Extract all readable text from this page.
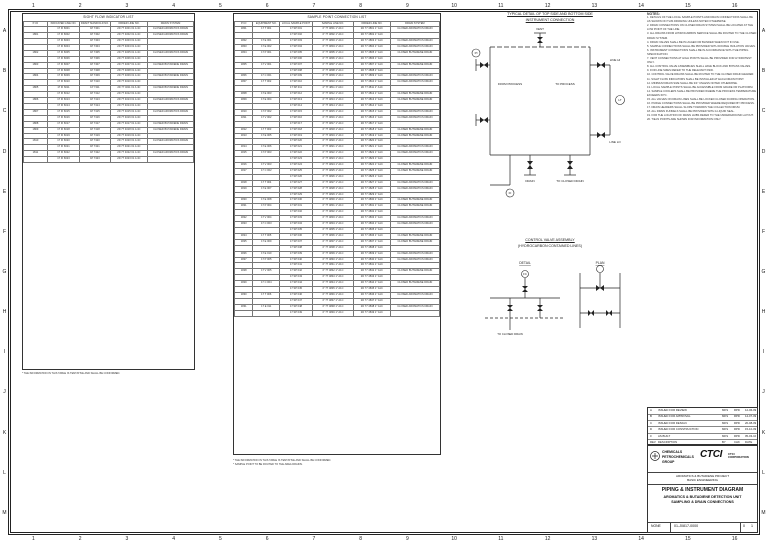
1	2	3	4	5	6	7	8	9	10	11	12	13	14	15	16
1	2	3	4	5	6	7	8	9	10	11	12	13	14	15	16
A
B
C
D
E
F
G
H
I
J
K
L
M
A
B
C
D
E
F
G
H
I
J
K
L
M
SIGHT FLOW INDICATOR LIST
P.I.D	INDICATED LINE NO.	DRAFT MANIFOLD NO.	ORDER LINE NO.	DRAIN SYSTEM
	17 FI 6001	1P 7401	2D 77 4001 01 A 4C	CLOSED AROMATICS DRAIN
1801	17 FI 6002	1P 7402	2D 77 4002 01 A 4C	CLOSED AROMATICS DRAIN
	17 FI 6003	1P 7403	2D 77 4003 01 A 4C	
	17 FI 6004	1P 7404	2D 77 4004 01 A 4C	
1802	17 FI 6005	1P 7405	2D 77 4005 01 A 4C	CLOSED AROMATICS DRAIN
	17 FI 6006	1P 7406	2D 77 4006 01 A 4C	
1803	17 FI 6007	1P 7407	2D 77 4007 01 A 4C	CLOSED BUTADIENE DRAIN
	17 FI 6008	1P 7408	2D 77 4008 01 A 4C	
1804	17 FI 6009	1P 7409	2D 77 4009 01 A 4C	CLOSED BUTADIENE DRAIN
	17 FI 6010	1P 7410	2D 77 4010 01 A 4C	
1805	17 FI 6011	1P 7411	2D 77 4011 01 A 4C	CLOSED BUTADIENE DRAIN
	17 FI 6012	1P 7412	2D 77 4012 01 A 4C	
1806	17 FI 6013	1P 7413	2D 77 4013 01 A 4C	CLOSED AROMATICS DRAIN
	17 FI 6014	1P 7414	2D 77 4014 01 A 4C	
1807	17 FI 6015	1P 7415	2D 77 4015 01 A 4C	CLOSED AROMATICS DRAIN
	17 FI 6016	1P 7416	2D 77 4016 01 A 4C	
1808	17 FI 6017	1P 7417	2D 77 4017 01 A 4C	CLOSED BUTADIENE DRAIN
1809	17 FI 6018	1P 7418	2D 77 4018 01 A 4C	CLOSED BUTADIENE DRAIN
	17 FI 6019	1P 7419	2D 77 4019 01 A 4C	
1810	17 FI 6020	1P 7420	2D 77 4020 01 A 4C	CLOSED AROMATICS DRAIN
	17 FI 6021	1P 7421	2D 77 4021 01 A 4C	
1811	17 FI 6022	1P 7422	2D 77 4022 01 A 4C	CLOSED AROMATICS DRAIN
	17 FI 6023	1P 7423	2D 77 4023 01 A 4C	
* THE INFORMATION IN THIS TABLE IS TENTATIVE AND SHALL BE CONFIRMED.
SAMPLE POINT CONNECTION LIST
P.I.D	EQUIPMENT NO.	LOCAL SAMPLE POINT	SAMPLE LINE NO.	ORDER LINE NO.	DRAIN SYSTEM
1801	17 T 001	17 SP 001	4" 77 4801 1" A1C	2D 77 4801 1" A1C	CLOSED AROMATICS DRAIN
		17 SP 002	4" 77 4802 1" A1C	2D 77 4802 1" A1C	
1802	17 E 001	17 SP 003	4" 77 4803 1" A1C	2D 77 4803 1" A1C	CLOSED AROMATICS DRAIN
1803	17 E 002	17 SP 004	4" 77 4804 1" A1C	2D 77 4804 1" A1C	CLOSED AROMATICS DRAIN
1804	17 P 001	17 SP 005	4" 77 4805 1" A1C	2D 77 4805 1" A1C	CLOSED BUTADIENE DRAIN
		17 SP 006	4" 77 4806 1" A1C	2D 77 4806 1" A1C	
1805	17 V 001	17 SP 007	4" 77 4807 1" A1C	2D 77 4807 1" A1C	CLOSED BUTADIENE DRAIN
		17 SP 008	4" 77 4808 1" A1C	2D 77 4808 1" A1C	
1806	17 C 001	17 SP 009	4" 77 4809 1" A1C	2D 77 4809 1" A1C	CLOSED AROMATICS DRAIN
1807	17 T 002	17 SP 010	4" 77 4810 1" A1C	2D 77 4810 1" A1C	CLOSED AROMATICS DRAIN
		17 SP 011	4" 77 4811 1" A1C	2D 77 4811 1" A1C	
1808	17 E 003	17 SP 012	4" 77 4812 1" A1C	2D 77 4812 1" A1C	CLOSED BUTADIENE DRAIN
1809	17 E 004	17 SP 013	4" 77 4813 1" A1C	2D 77 4813 1" A1C	CLOSED BUTADIENE DRAIN
		17 SP 014	4" 77 4814 1" A1C	2D 77 4814 1" A1C	
1810	17 P 002	17 SP 015	4" 77 4815 1" A1C	2D 77 4815 1" A1C	CLOSED AROMATICS DRAIN
1811	17 V 002	17 SP 016	4" 77 4816 1" A1C	2D 77 4816 1" A1C	CLOSED AROMATICS DRAIN
		17 SP 017	4" 77 4817 1" A1C	2D 77 4817 1" A1C	
1812	17 T 003	17 SP 018	4" 77 4818 1" A1C	2D 77 4818 1" A1C	CLOSED BUTADIENE DRAIN
1813	17 E 005	17 SP 019	4" 77 4819 1" A1C	2D 77 4819 1" A1C	CLOSED BUTADIENE DRAIN
		17 SP 020	4" 77 4820 1" A1C	2D 77 4820 1" A1C	
1814	17 E 006	17 SP 021	4" 77 4821 1" A1C	2D 77 4821 1" A1C	CLOSED AROMATICS DRAIN
1815	17 P 003	17 SP 022	4" 77 4822 1" A1C	2D 77 4822 1" A1C	CLOSED AROMATICS DRAIN
		17 SP 023	4" 77 4823 1" A1C	2D 77 4823 1" A1C	
1816	17 V 003	17 SP 024	4" 77 4824 1" A1C	2D 77 4824 1" A1C	CLOSED BUTADIENE DRAIN
1817	17 C 002	17 SP 025	4" 77 4825 1" A1C	2D 77 4825 1" A1C	CLOSED BUTADIENE DRAIN
		17 SP 026	4" 77 4826 1" A1C	2D 77 4826 1" A1C	
1818	17 T 004	17 SP 027	4" 77 4827 1" A1C	2D 77 4827 1" A1C	CLOSED AROMATICS DRAIN
1819	17 E 007	17 SP 028	4" 77 4828 1" A1C	2D 77 4828 1" A1C	CLOSED AROMATICS DRAIN
		17 SP 029	4" 77 4829 1" A1C	2D 77 4829 1" A1C	
1820	17 E 008	17 SP 030	4" 77 4830 1" A1C	2D 77 4830 1" A1C	CLOSED BUTADIENE DRAIN
1821	17 P 004	17 SP 031	4" 77 4831 1" A1C	2D 77 4831 1" A1C	CLOSED BUTADIENE DRAIN
		17 SP 032	4" 77 4832 1" A1C	2D 77 4832 1" A1C	
1822	17 V 004	17 SP 033	4" 77 4833 1" A1C	2D 77 4833 1" A1C	CLOSED AROMATICS DRAIN
1823	17 C 003	17 SP 034	4" 77 4834 1" A1C	2D 77 4834 1" A1C	CLOSED AROMATICS DRAIN
		17 SP 035	4" 77 4835 1" A1C	2D 77 4835 1" A1C	
1824	17 T 005	17 SP 036	4" 77 4836 1" A1C	2D 77 4836 1" A1C	CLOSED BUTADIENE DRAIN
1825	17 E 009	17 SP 037	4" 77 4837 1" A1C	2D 77 4837 1" A1C	CLOSED BUTADIENE DRAIN
		17 SP 038	4" 77 4838 1" A1C	2D 77 4838 1" A1C	
1826	17 E 010	17 SP 039	4" 77 4839 1" A1C	2D 77 4839 1" A1C	CLOSED AROMATICS DRAIN
1827	17 P 005	17 SP 040	4" 77 4840 1" A1C	2D 77 4840 1" A1C	CLOSED AROMATICS DRAIN
		17 SP 041	4" 77 4841 1" A1C	2D 77 4841 1" A1C	
1828	17 V 005	17 SP 042	4" 77 4842 1" A1C	2D 77 4842 1" A1C	CLOSED BUTADIENE DRAIN
		17 SP 043	4" 77 4843 1" A1C	2D 77 4843 1" A1C	
1829	17 C 004	17 SP 044	4" 77 4844 1" A1C	2D 77 4844 1" A1C	CLOSED BUTADIENE DRAIN
		17 SP 045	4" 77 4845 1" A1C	2D 77 4845 1" A1C	
1830	17 T 006	17 SP 046	4" 77 4846 1" A1C	2D 77 4846 1" A1C	CLOSED AROMATICS DRAIN
		17 SP 047	4" 77 4847 1" A1C	2D 77 4847 1" A1C	
1831	17 E 011	17 SP 048	4" 77 4848 1" A1C	2D 77 4848 1" A1C	CLOSED AROMATICS DRAIN
		17 SP 049	4" 77 4849 1" A1C	2D 77 4849 1" A1C	
* THE INFORMATION IN THIS TABLE IS TENTATIVE AND SHALL BE CONFIRMED.
* SAMPLE POINT TO BE ROUTED TO THE AREA DRAINS.
TYPICAL DETAIL OF TOP SIDE AND BOTTOM SIDE
INSTRUMENT CONNECTION
PI
LT
FI
DRAIN
VENT
TO CLOSED DRAIN
LINE HI
LINE LO
FROM PROCESS	TO PROCESS
CONTROL VALVE ASSEMBLY
(HYDROCARBON CONTAINED LINES)
DETAIL	PLAN
FC
TO CLOSED DRAIN
NOTES:
1. DETAILS OF THE LOCAL SAMPLE POINTS AND DRAIN CONNECTIONS SHALL BE AS SHOWN ON THIS DRAWING UNLESS NOTED OTHERWISE.
2. DRAIN CONNECTIONS ON CLOSED DRAIN SYSTEM SHALL BE LOCATED AT THE LOW POINT OF THE LINE.
3. ALL DRAINS FROM HYDROCARBON SERVICE SHALL BE ROUTED TO THE CLOSED DRAIN SYSTEM.
4. DRAIN VALVES SHALL BE PLUGGED OR BLINDED WHEN NOT IN USE.
5. SAMPLE CONNECTIONS SHALL BE PROVIDED WITH DOUBLE ISOLATION VALVES.
6. INSTRUMENT CONNECTIONS SHALL BE IN ACCORDANCE WITH THE PIPING SPECIFICATION.
7. VENT CONNECTIONS AT HIGH POINTS SHALL BE PROVIDED FOR HYDROTEST ONLY.
8. ALL CONTROL VALVE ASSEMBLIES SHALL HAVE BLOCK AND BYPASS VALVES.
9. FOR LINE SIZES REFER TO THE RELEVANT P&ID.
10. CONTROL VALVE DRAINS SHALL BE ROUTED TO THE CLOSED DRAIN HEADER.
11. SIGHT FLOW INDICATORS SHALL BE INSTALLED AT EACH DRAIN POINT.
12. MINIMUM DRAIN SIZE SHALL BE 3/4" UNLESS NOTED OTHERWISE.
13. LOCAL SAMPLE POINTS SHALL BE ACCESSIBLE FROM GRADE OR PLATFORM.
14. SAMPLE COOLERS SHALL BE PROVIDED WHERE THE PROCESS TEMPERATURE EXCEEDS 60°C.
15. ALL VALVES ON DRAIN LINES SHALL BE LOCKED CLOSED DURING OPERATION.
16. PURGE CONNECTIONS SHALL BE PROVIDED WHERE REQUIRED BY PROCESS.
17. DRAIN HEADERS SHALL SLOPE TOWARDS THE COLLECTION DRUM.
18. ALL DRAIN FUNNELS SHALL BE PROVIDED WITH A LIQUID SEAL.
19. FOR THE LOCATION OF DRAIN HUBS REFER TO THE UNDERGROUND LAYOUT.
20. TIE-IN POINTS ARE SHOWN FOR INFORMATION ONLY.
A	ISSUED FOR REVIEW	MKS	RPD	12-06-09
B	ISSUED FOR APPROVAL	MKS	RPD	14-07-09
C	ISSUED FOR DESIGN	MKS	RPD	20-08-09
D	ISSUED FOR CONSTRUCTION	MKS	RPD	15-10-09
0	AS BUILT	MKS	RPD	05-03-10
REV DESCRIPTION	BY	CHK	DATE
CHEMICALS
PETROCHEMICALS
GROUP
CTCI CTCI CORPORATION
AROMATICS & BUTADIENE PROJECT
BASIC ENGINEERING
PIPING & INSTRUMENT DIAGRAM
AROMATICS & BUTADIENE DETECTION UNIT
SAMPLING & DRAIN CONNECTIONS
NONE	01-J0817-0000	0 1
